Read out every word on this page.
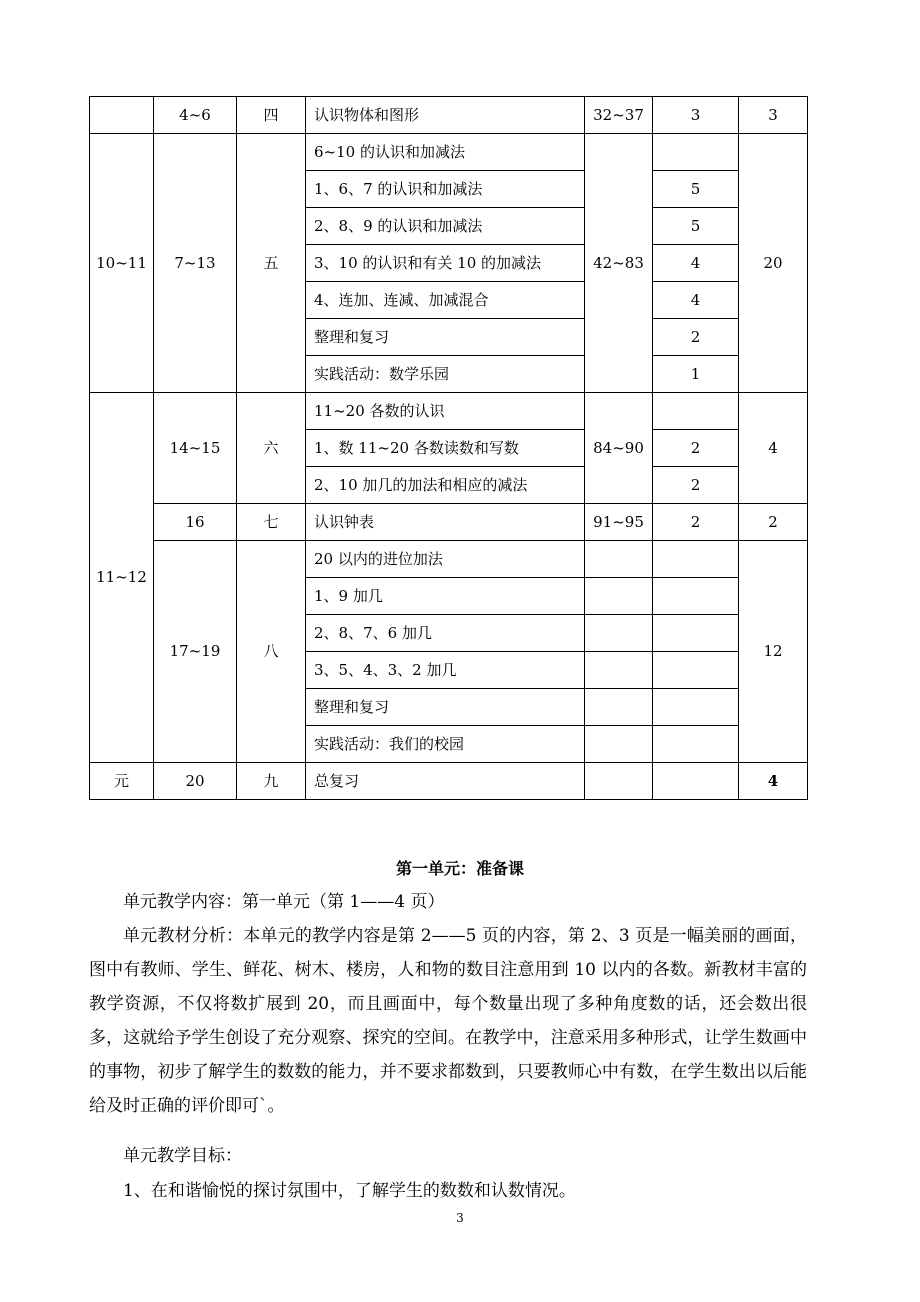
	4~6	四	认识物体和图形	32~37	3	3
10~11	7~13	五	6~10 的认识和加减法	42~83		20
			1、6、7 的认识和加减法		5	
			2、8、9 的认识和加减法		5	
			3、10 的认识和有关 10 的加减法		4	
			4、连加、连减、加减混合		4	
			整理和复习		2	
			实践活动：数学乐园		1	
11~12	14~15	六	11~20 各数的认识	84~90		4
			1、数 11~20 各数读数和写数		2	
			2、10 加几的加法和相应的减法		2	
	16	七	认识钟表	91~95	2	2
	17~19	八	20 以内的进位加法			12
			1、9 加几			
			2、8、7、6 加几			
			3、5、4、3、2 加几			
			整理和复习			
			实践活动：我们的校园			
元	20	九	总复习			4
第一单元：准备课

单元教学内容：第一单元（第 1——4 页）

单元教材分析：本单元的教学内容是第 2——5 页的内容，第 2、3 页是一幅美丽的画面，图中有教师、学生、鲜花、树木、楼房，人和物的数目注意用到 10 以内的各数。新教材丰富的教学资源，不仅将数扩展到 20，而且画面中，每个数量出现了多种角度数的话，还会数出很多，这就给予学生创设了充分观察、探究的空间。在教学中，注意采用多种形式，让学生数画中的事物，初步了解学生的数数的能力，并不要求都数到，只要教师心中有数，在学生数出以后能给及时正确的评价即可`。

单元教学目标：

1、在和谐愉悦的探讨氛围中，了解学生的数数和认数情况。

3
